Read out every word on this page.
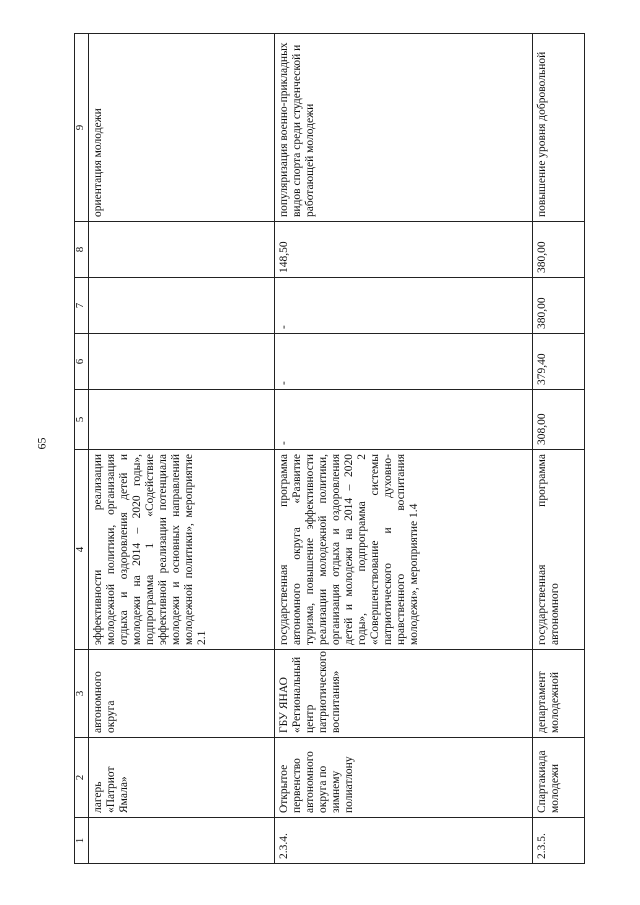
65
1	2	3	4	5	6	7	8	9
	лагерь «Патриот Ямала»	автономного округа	эффективности реализации молодежной политики, организация отдыха и оздоровления детей и молодежи на 2014 – 2020 годы», подпрограмма 1 «Содействие эффективной реализации потенциала молодежи и основных направлений молодежной политики», мероприятие 2.1					ориентация молодежи
2.3.4.	Открытое первенство автономного округа по зимнему полиатлону	ГБУ ЯНАО «Региональный центр патриотического воспитания»	государственная программа автономного округа «Развитие туризма, повышение эффективности реализации молодежной политики, организация отдыха и оздоровления детей и молодежи на 2014 – 2020 годы», подпрограмма 2 «Совершенствование системы патриотического и духовно-нравственного воспитания молодежи», мероприятие 1.4	-	-	-	148,50	популяризация военно-прикладных видов спорта среди студенческой и работающей молодежи
2.3.5.	Спартакиада молодежи	департамент молодежной	государственная программа автономного	308,00	379,40	380,00	380,00	повышение уровня добровольной
